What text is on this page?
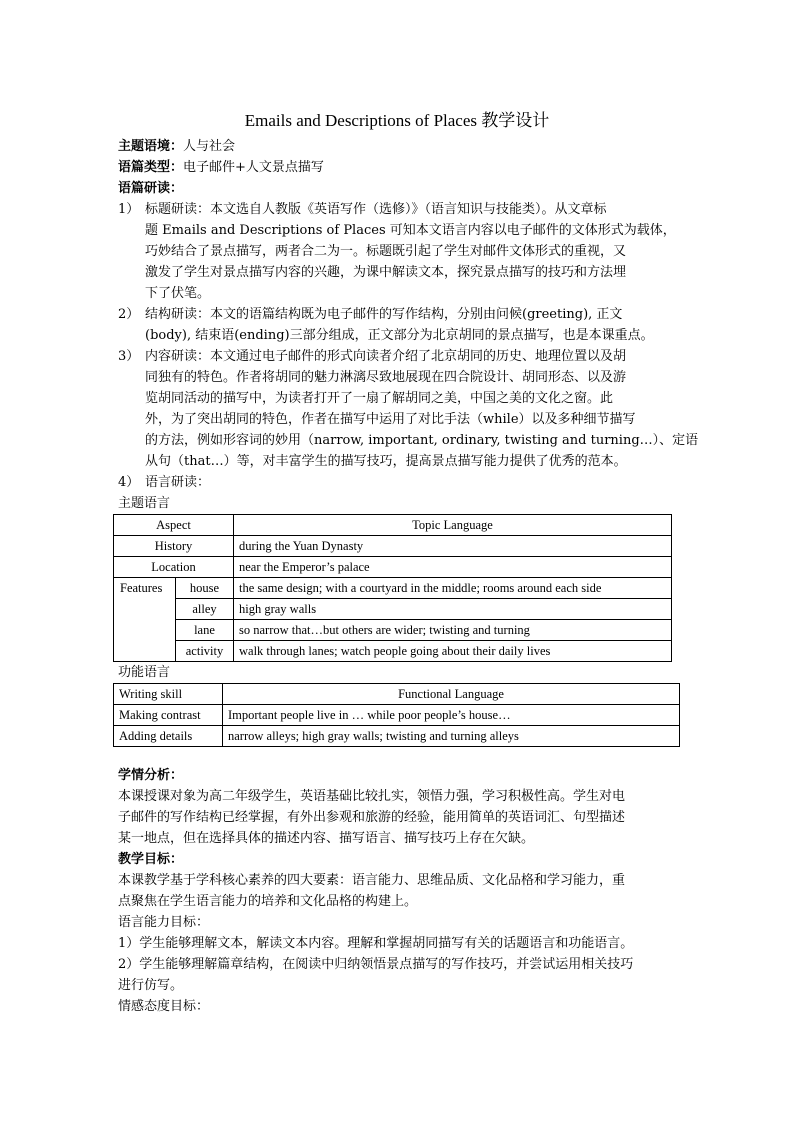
Emails and Descriptions of Places 教学设计
主题语境：人与社会
语篇类型：电子邮件+人文景点描写
语篇研读：
1） 标题研读：本文选自人教版《英语写作（选修）》（语言知识与技能类）。从文章标
题 Emails and Descriptions of Places 可知本文语言内容以电子邮件的文体形式为载体，
巧妙结合了景点描写，两者合二为一。标题既引起了学生对邮件文体形式的重视，又
激发了学生对景点描写内容的兴趣，为课中解读文本，探究景点描写的技巧和方法埋
下了伏笔。
2） 结构研读：本文的语篇结构既为电子邮件的写作结构，分别由问候(greeting), 正文
(body), 结束语(ending)三部分组成，正文部分为北京胡同的景点描写，也是本课重点。
3） 内容研读：本文通过电子邮件的形式向读者介绍了北京胡同的历史、地理位置以及胡
同独有的特色。作者将胡同的魅力淋漓尽致地展现在四合院设计、胡同形态、以及游
览胡同活动的描写中，为读者打开了一扇了解胡同之美，中国之美的文化之窗。此
外，为了突出胡同的特色，作者在描写中运用了对比手法（while）以及多种细节描写
的方法，例如形容词的妙用（narrow, important, ordinary, twisting and turning…）、定语
从句（that…）等，对丰富学生的描写技巧，提高景点描写能力提供了优秀的范本。
4） 语言研读：
主题语言
Aspect		Topic Language
History		during the Yuan Dynasty
Location		near the Emperor’s palace
Features	house	the same design; with a courtyard in the middle; rooms around each side
	alley	high gray walls
	lane	so narrow that…but others are wider; twisting and turning
	activity	walk through lanes; watch people going about their daily lives
功能语言
Writing skill	Functional Language
Making contrast	Important people live in … while poor people’s house…
Adding details	narrow alleys; high gray walls; twisting and turning alleys
学情分析：
本课授课对象为高二年级学生，英语基础比较扎实，领悟力强，学习积极性高。学生对电
子邮件的写作结构已经掌握，有外出参观和旅游的经验，能用简单的英语词汇、句型描述
某一地点，但在选择具体的描述内容、描写语言、描写技巧上存在欠缺。
教学目标：
本课教学基于学科核心素养的四大要素：语言能力、思维品质、文化品格和学习能力，重
点聚焦在学生语言能力的培养和文化品格的构建上。
语言能力目标：
1）学生能够理解文本，解读文本内容。理解和掌握胡同描写有关的话题语言和功能语言。
2）学生能够理解篇章结构，在阅读中归纳领悟景点描写的写作技巧，并尝试运用相关技巧
进行仿写。
情感态度目标：
